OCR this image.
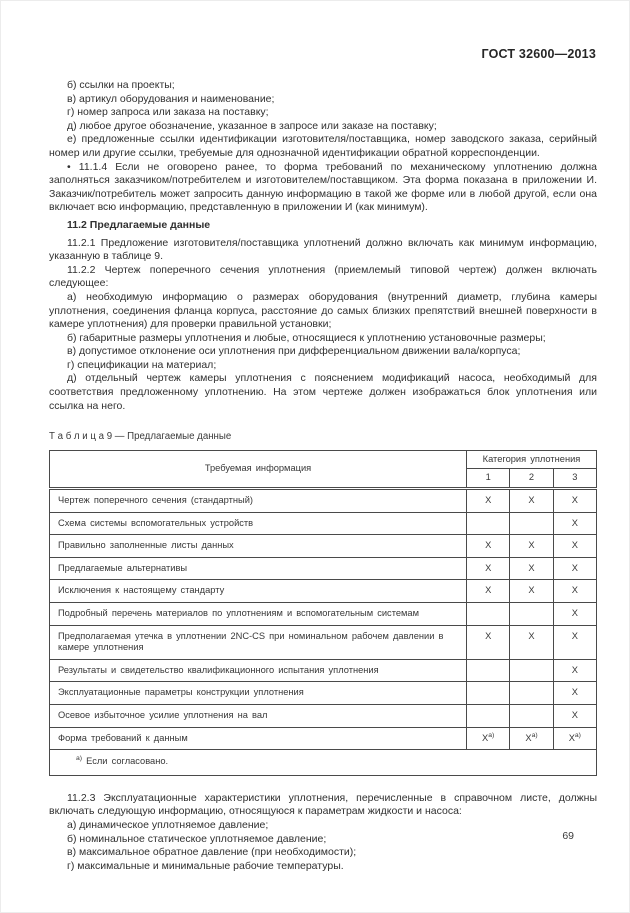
ГОСТ 32600—2013

б) ссылки на проекты;

в) артикул оборудования и наименование;

г) номер запроса или заказа на поставку;

д) любое другое обозначение, указанное в запросе или заказе на поставку;

е) предложенные ссылки идентификации изготовителя/поставщика, номер заводского заказа, серийный номер или другие ссылки, требуемые для однозначной идентификации обратной корреспонденции.

• 11.1.4 Если не оговорено ранее, то форма требований по механическому уплотнению должна заполняться заказчиком/потребителем и изготовителем/поставщиком. Эта форма показана в приложении И. Заказчик/потребитель может запросить данную информацию в такой же форме или в любой другой, если она включает всю информацию, представленную в приложении И (как минимум).

11.2 Предлагаемые данные

11.2.1 Предложение изготовителя/поставщика уплотнений должно включать как минимум информацию, указанную в таблице 9.

11.2.2 Чертеж поперечного сечения уплотнения (приемлемый типовой чертеж) должен включать следующее:

а) необходимую информацию о размерах оборудования (внутренний диаметр, глубина камеры уплотнения, соединения фланца корпуса, расстояние до самых близких препятствий внешней поверхности в камере уплотнения) для проверки правильной установки;

б) габаритные размеры уплотнения и любые, относящиеся к уплотнению установочные размеры;

в) допустимое отклонение оси уплотнения при дифференциальном движении вала/корпуса;

г) спецификации на материал;

д) отдельный чертеж камеры уплотнения с пояснением модификаций насоса, необходимый для соответствия предложенному уплотнению. На этом чертеже должен изображаться блок уплотнения или ссылка на него.

Т а б л и ц а 9 — Предлагаемые данные

Требуемая информация	Категория уплотнения		
	1	2	3
Чертеж поперечного сечения (стандартный)	X	X	X
Схема системы вспомогательных устройств			X
Правильно заполненные листы данных	X	X	X
Предлагаемые альтернативы	X	X	X
Исключения к настоящему стандарту	X	X	X
Подробный перечень материалов по уплотнениям и вспомогательным системам			X
Предполагаемая утечка в уплотнении 2NC-CS при номинальном рабочем давлении в камере уплотнения	X	X	X
Результаты и свидетельство квалификационного испытания уплотнения			X
Эксплуатационные параметры конструкции уплотнения			X
Осевое избыточное усилие уплотнения на вал			X
Форма требований к данным	$X^{а)}$	$X^{а)}$	$X^{а)}$
$^{а)}$ Если согласовано.			

11.2.3 Эксплуатационные характеристики уплотнения, перечисленные в справочном листе, должны включать следующую информацию, относящуюся к параметрам жидкости и насоса:

а) динамическое уплотняемое давление;

б) номинальное статическое уплотняемое давление;

в) максимальное обратное давление (при необходимости);

г) максимальные и минимальные рабочие температуры.

69
